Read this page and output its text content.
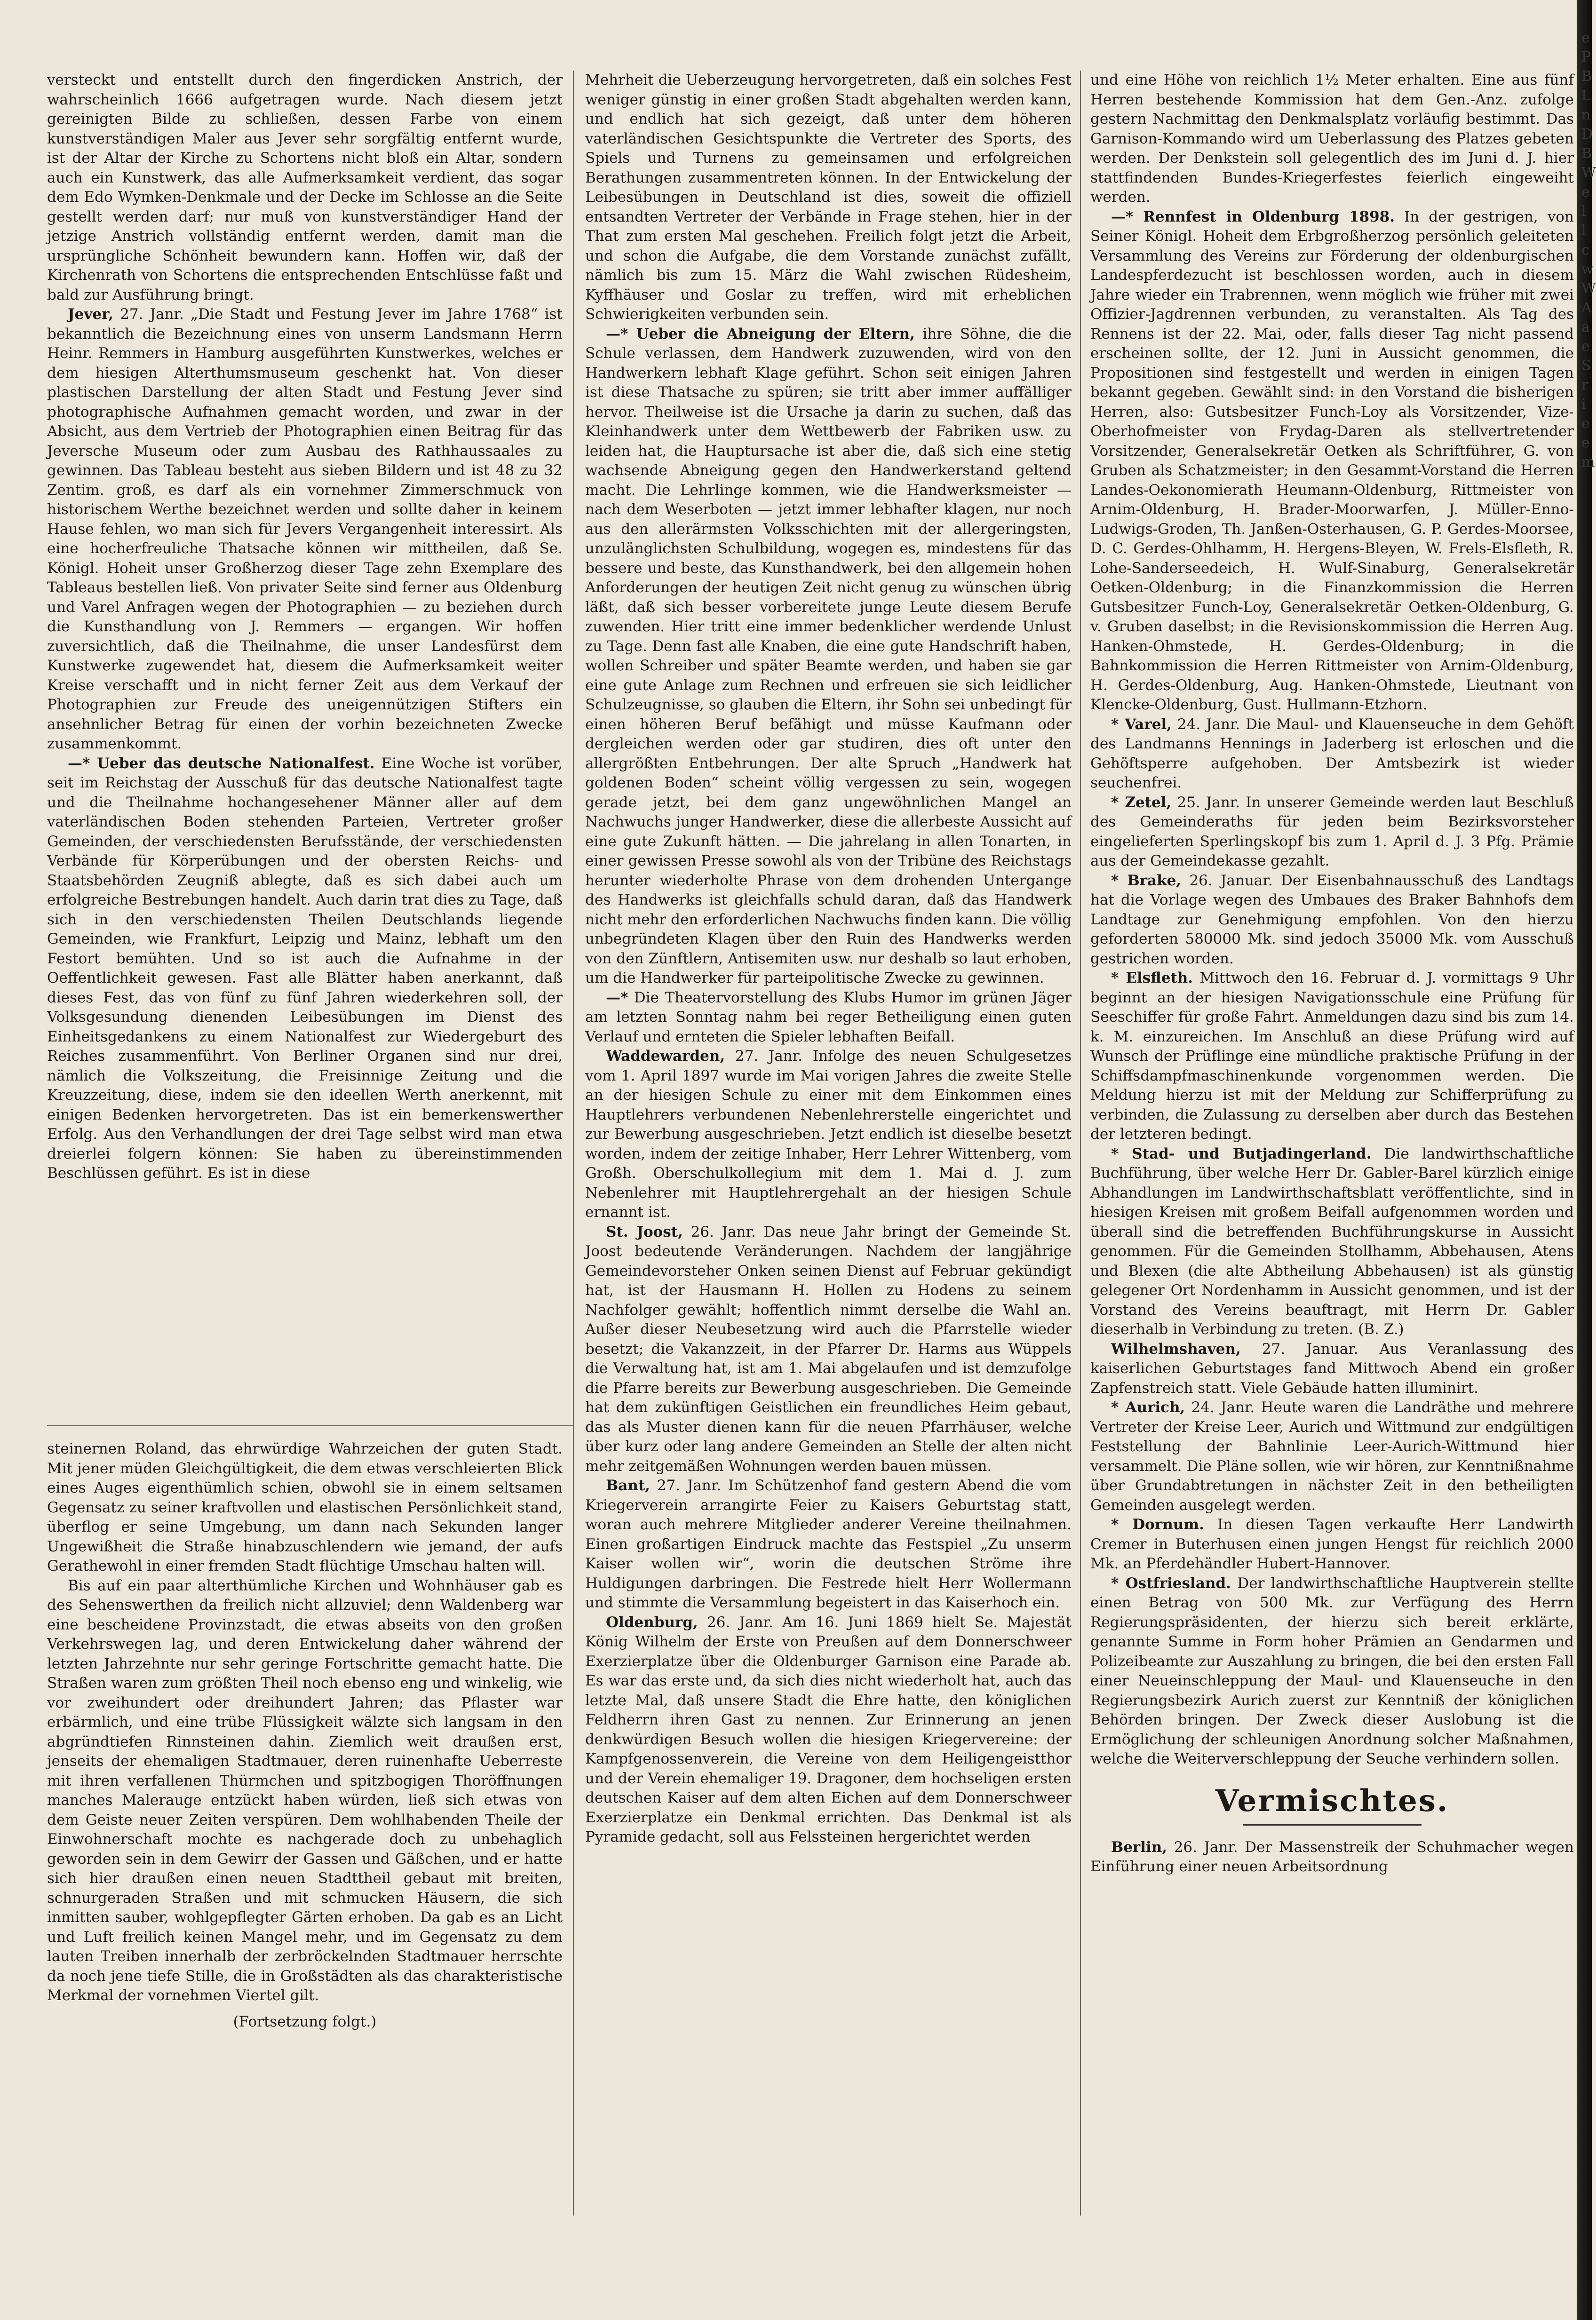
versteckt und entstellt durch den fingerdicken Anstrich, der wahrscheinlich 1666 aufgetragen wurde. Nach diesem jetzt gereinigten Bilde zu schließen, dessen Farbe von einem kunstverständigen Maler aus Jever sehr sorgfältig entfernt wurde, ist der Altar der Kirche zu Schortens nicht bloß ein Altar, sondern auch ein Kunstwerk, das alle Aufmerksamkeit verdient, das sogar dem Edo Wymken-Denkmale und der Decke im Schlosse an die Seite gestellt werden darf; nur muß von kunstverständiger Hand der jetzige Anstrich vollständig entfernt werden, damit man die ursprüngliche Schönheit bewundern kann. Hoffen wir, daß der Kirchenrath von Schortens die entsprechenden Entschlüsse faßt und bald zur Ausführung bringt.

Jever, 27. Janr. „Die Stadt und Festung Jever im Jahre 1768“ ist bekanntlich die Bezeichnung eines von unserm Landsmann Herrn Heinr. Remmers in Hamburg ausgeführten Kunstwerkes, welches er dem hiesigen Alterthumsmuseum geschenkt hat. Von dieser plastischen Darstellung der alten Stadt und Festung Jever sind photographische Aufnahmen gemacht worden, und zwar in der Absicht, aus dem Vertrieb der Photographien einen Beitrag für das Jeversche Museum oder zum Ausbau des Rathhaussaales zu gewinnen. Das Tableau besteht aus sieben Bildern und ist 48 zu 32 Zentim. groß, es darf als ein vornehmer Zimmerschmuck von historischem Werthe bezeichnet werden und sollte daher in keinem Hause fehlen, wo man sich für Jevers Vergangenheit interessirt. Als eine hocherfreuliche Thatsache können wir mittheilen, daß Se. Königl. Hoheit unser Großherzog dieser Tage zehn Exemplare des Tableaus bestellen ließ. Von privater Seite sind ferner aus Oldenburg und Varel Anfragen wegen der Photographien — zu beziehen durch die Kunsthandlung von J. Remmers — ergangen. Wir hoffen zuversichtlich, daß die Theilnahme, die unser Landesfürst dem Kunstwerke zugewendet hat, diesem die Aufmerksamkeit weiter Kreise verschafft und in nicht ferner Zeit aus dem Verkauf der Photographien zur Freude des uneigennützigen Stifters ein ansehnlicher Betrag für einen der vorhin bezeichneten Zwecke zusammenkommt.

—* Ueber das deutsche Nationalfest. Eine Woche ist vorüber, seit im Reichstag der Ausschuß für das deutsche Nationalfest tagte und die Theilnahme hochangesehener Männer aller auf dem vaterländischen Boden stehenden Parteien, Vertreter großer Gemeinden, der verschiedensten Berufsstände, der verschiedensten Verbände für Körperübungen und der obersten Reichs- und Staatsbehörden Zeugniß ablegte, daß es sich dabei auch um erfolgreiche Bestrebungen handelt. Auch darin trat dies zu Tage, daß sich in den verschiedensten Theilen Deutschlands liegende Gemeinden, wie Frankfurt, Leipzig und Mainz, lebhaft um den Festort bemühten. Und so ist auch die Aufnahme in der Oeffentlichkeit gewesen. Fast alle Blätter haben anerkannt, daß dieses Fest, das von fünf zu fünf Jahren wiederkehren soll, der Volksgesundung dienenden Leibesübungen im Dienst des Einheitsgedankens zu einem Nationalfest zur Wiedergeburt des Reiches zusammenführt. Von Berliner Organen sind nur drei, nämlich die Volkszeitung, die Freisinnige Zeitung und die Kreuzzeitung, diese, indem sie den ideellen Werth anerkennt, mit einigen Bedenken hervorgetreten. Das ist ein bemerkenswerther Erfolg. Aus den Verhandlungen der drei Tage selbst wird man etwa dreierlei folgern können: Sie haben zu übereinstimmenden Beschlüssen geführt. Es ist in diese

Mehrheit die Ueberzeugung hervorgetreten, daß ein solches Fest weniger günstig in einer großen Stadt abgehalten werden kann, und endlich hat sich gezeigt, daß unter dem höheren vaterländischen Gesichtspunkte die Vertreter des Sports, des Spiels und Turnens zu gemeinsamen und erfolgreichen Berathungen zusammentreten können. In der Entwickelung der Leibesübungen in Deutschland ist dies, soweit die offiziell entsandten Vertreter der Verbände in Frage stehen, hier in der That zum ersten Mal geschehen. Freilich folgt jetzt die Arbeit, und schon die Aufgabe, die dem Vorstande zunächst zufällt, nämlich bis zum 15. März die Wahl zwischen Rüdesheim, Kyffhäuser und Goslar zu treffen, wird mit erheblichen Schwierigkeiten verbunden sein.

—* Ueber die Abneigung der Eltern, ihre Söhne, die die Schule verlassen, dem Handwerk zuzuwenden, wird von den Handwerkern lebhaft Klage geführt. Schon seit einigen Jahren ist diese Thatsache zu spüren; sie tritt aber immer auffälliger hervor. Theilweise ist die Ursache ja darin zu suchen, daß das Kleinhandwerk unter dem Wettbewerb der Fabriken usw. zu leiden hat, die Hauptursache ist aber die, daß sich eine stetig wachsende Abneigung gegen den Handwerkerstand geltend macht. Die Lehrlinge kommen, wie die Handwerksmeister — nach dem Weserboten — jetzt immer lebhafter klagen, nur noch aus den allerärmsten Volksschichten mit der allergeringsten, unzulänglichsten Schulbildung, wogegen es, mindestens für das bessere und beste, das Kunsthandwerk, bei den allgemein hohen Anforderungen der heutigen Zeit nicht genug zu wünschen übrig läßt, daß sich besser vorbereitete junge Leute diesem Berufe zuwenden. Hier tritt eine immer bedenklicher werdende Unlust zu Tage. Denn fast alle Knaben, die eine gute Handschrift haben, wollen Schreiber und später Beamte werden, und haben sie gar eine gute Anlage zum Rechnen und erfreuen sie sich leidlicher Schulzeugnisse, so glauben die Eltern, ihr Sohn sei unbedingt für einen höheren Beruf befähigt und müsse Kaufmann oder dergleichen werden oder gar studiren, dies oft unter den allergrößten Entbehrungen. Der alte Spruch „Handwerk hat goldenen Boden“ scheint völlig vergessen zu sein, wogegen gerade jetzt, bei dem ganz ungewöhnlichen Mangel an Nachwuchs junger Handwerker, diese die allerbeste Aussicht auf eine gute Zukunft hätten. — Die jahrelang in allen Tonarten, in einer gewissen Presse sowohl als von der Tribüne des Reichstags herunter wiederholte Phrase von dem drohenden Untergange des Handwerks ist gleichfalls schuld daran, daß das Handwerk nicht mehr den erforderlichen Nachwuchs finden kann. Die völlig unbegründeten Klagen über den Ruin des Handwerks werden von den Zünftlern, Antisemiten usw. nur deshalb so laut erhoben, um die Handwerker für parteipolitische Zwecke zu gewinnen.

—* Die Theatervorstellung des Klubs Humor im grünen Jäger am letzten Sonntag nahm bei reger Betheiligung einen guten Verlauf und ernteten die Spieler lebhaften Beifall.

Waddewarden, 27. Janr. Infolge des neuen Schulgesetzes vom 1. April 1897 wurde im Mai vorigen Jahres die zweite Stelle an der hiesigen Schule zu einer mit dem Einkommen eines Hauptlehrers verbundenen Nebenlehrerstelle eingerichtet und zur Bewerbung ausgeschrieben. Jetzt endlich ist dieselbe besetzt worden, indem der zeitige Inhaber, Herr Lehrer Wittenberg, vom Großh. Oberschulkollegium mit dem 1. Mai d. J. zum Nebenlehrer mit Hauptlehrergehalt an der hiesigen Schule ernannt ist.

St. Joost, 26. Janr. Das neue Jahr bringt der Gemeinde St. Joost bedeutende Veränderungen. Nachdem der langjährige Gemeindevorsteher Onken seinen Dienst auf Februar gekündigt hat, ist der Hausmann H. Hollen zu Hodens zu seinem Nachfolger gewählt; hoffentlich nimmt derselbe die Wahl an. Außer dieser Neubesetzung wird auch die Pfarrstelle wieder besetzt; die Vakanzzeit, in der Pfarrer Dr. Harms aus Wüppels die Verwaltung hat, ist am 1. Mai abgelaufen und ist demzufolge die Pfarre bereits zur Bewerbung ausgeschrieben. Die Gemeinde hat dem zukünftigen Geistlichen ein freundliches Heim gebaut, das als Muster dienen kann für die neuen Pfarrhäuser, welche über kurz oder lang andere Gemeinden an Stelle der alten nicht mehr zeitgemäßen Wohnungen werden bauen müssen.

Bant, 27. Janr. Im Schützenhof fand gestern Abend die vom Kriegerverein arrangirte Feier zu Kaisers Geburtstag statt, woran auch mehrere Mitglieder anderer Vereine theilnahmen. Einen großartigen Eindruck machte das Festspiel „Zu unserm Kaiser wollen wir“, worin die deutschen Ströme ihre Huldigungen darbringen. Die Festrede hielt Herr Wollermann und stimmte die Versammlung begeistert in das Kaiserhoch ein.

Oldenburg, 26. Janr. Am 16. Juni 1869 hielt Se. Majestät König Wilhelm der Erste von Preußen auf dem Donnerschweer Exerzierplatze über die Oldenburger Garnison eine Parade ab. Es war das erste und, da sich dies nicht wiederholt hat, auch das letzte Mal, daß unsere Stadt die Ehre hatte, den königlichen Feldherrn ihren Gast zu nennen. Zur Erinnerung an jenen denkwürdigen Besuch wollen die hiesigen Kriegervereine: der Kampfgenossenverein, die Vereine von dem Heiligengeistthor und der Verein ehemaliger 19. Dragoner, dem hochseligen ersten deutschen Kaiser auf dem alten Eichen auf dem Donnerschweer Exerzierplatze ein Denkmal errichten. Das Denkmal ist als Pyramide gedacht, soll aus Felssteinen hergerichtet werden

und eine Höhe von reichlich 1½ Meter erhalten. Eine aus fünf Herren bestehende Kommission hat dem Gen.-Anz. zufolge gestern Nachmittag den Denkmalsplatz vorläufig bestimmt. Das Garnison-Kommando wird um Ueberlassung des Platzes gebeten werden. Der Denkstein soll gelegentlich des im Juni d. J. hier stattfindenden Bundes-Kriegerfestes feierlich eingeweiht werden.

—* Rennfest in Oldenburg 1898. In der gestrigen, von Seiner Königl. Hoheit dem Erbgroßherzog persönlich geleiteten Versammlung des Vereins zur Förderung der oldenburgischen Landespferdezucht ist beschlossen worden, auch in diesem Jahre wieder ein Trabrennen, wenn möglich wie früher mit zwei Offizier-Jagdrennen verbunden, zu veranstalten. Als Tag des Rennens ist der 22. Mai, oder, falls dieser Tag nicht passend erscheinen sollte, der 12. Juni in Aussicht genommen, die Propositionen sind festgestellt und werden in einigen Tagen bekannt gegeben. Gewählt sind: in den Vorstand die bisherigen Herren, also: Gutsbesitzer Funch-Loy als Vorsitzender, Vize-Oberhofmeister von Frydag-Daren als stellvertretender Vorsitzender, Generalsekretär Oetken als Schriftführer, G. von Gruben als Schatzmeister; in den Gesammt-Vorstand die Herren Landes-Oekonomierath Heumann-Oldenburg, Rittmeister von Arnim-Oldenburg, H. Brader-Moorwarfen, J. Müller-Enno-Ludwigs-Groden, Th. Janßen-Osterhausen, G. P. Gerdes-Moorsee, D. C. Gerdes-Ohlhamm, H. Hergens-Bleyen, W. Frels-Elsfleth, R. Lohe-Sanderseedeich, H. Wulf-Sinaburg, Generalsekretär Oetken-Oldenburg; in die Finanzkommission die Herren Gutsbesitzer Funch-Loy, Generalsekretär Oetken-Oldenburg, G. v. Gruben daselbst; in die Revisionskommission die Herren Aug. Hanken-Ohmstede, H. Gerdes-Oldenburg; in die Bahnkommission die Herren Rittmeister von Arnim-Oldenburg, H. Gerdes-Oldenburg, Aug. Hanken-Ohmstede, Lieutnant von Klencke-Oldenburg, Gust. Hullmann-Etzhorn.

* Varel, 24. Janr. Die Maul- und Klauenseuche in dem Gehöft des Landmanns Hennings in Jaderberg ist erloschen und die Gehöftsperre aufgehoben. Der Amtsbezirk ist wieder seuchenfrei.

* Zetel, 25. Janr. In unserer Gemeinde werden laut Beschluß des Gemeinderaths für jeden beim Bezirksvorsteher eingelieferten Sperlingskopf bis zum 1. April d. J. 3 Pfg. Prämie aus der Gemeindekasse gezahlt.

* Brake, 26. Januar. Der Eisenbahnausschuß des Landtags hat die Vorlage wegen des Umbaues des Braker Bahnhofs dem Landtage zur Genehmigung empfohlen. Von den hierzu geforderten 580000 Mk. sind jedoch 35000 Mk. vom Ausschuß gestrichen worden.

* Elsfleth. Mittwoch den 16. Februar d. J. vormittags 9 Uhr beginnt an der hiesigen Navigationsschule eine Prüfung für Seeschiffer für große Fahrt. Anmeldungen dazu sind bis zum 14. k. M. einzureichen. Im Anschluß an diese Prüfung wird auf Wunsch der Prüflinge eine mündliche praktische Prüfung in der Schiffsdampfmaschinenkunde vorgenommen werden. Die Meldung hierzu ist mit der Meldung zur Schifferprüfung zu verbinden, die Zulassung zu derselben aber durch das Bestehen der letzteren bedingt.

* Stad- und Butjadingerland. Die landwirthschaftliche Buchführung, über welche Herr Dr. Gabler-Barel kürzlich einige Abhandlungen im Landwirthschaftsblatt veröffentlichte, sind in hiesigen Kreisen mit großem Beifall aufgenommen worden und überall sind die betreffenden Buchführungskurse in Aussicht genommen. Für die Gemeinden Stollhamm, Abbehausen, Atens und Blexen (die alte Abtheilung Abbehausen) ist als günstig gelegener Ort Nordenhamm in Aussicht genommen, und ist der Vorstand des Vereins beauftragt, mit Herrn Dr. Gabler dieserhalb in Verbindung zu treten. (B. Z.)

Wilhelmshaven, 27. Januar. Aus Veranlassung des kaiserlichen Geburtstages fand Mittwoch Abend ein großer Zapfenstreich statt. Viele Gebäude hatten illuminirt.

* Aurich, 24. Janr. Heute waren die Landräthe und mehrere Vertreter der Kreise Leer, Aurich und Wittmund zur endgültigen Feststellung der Bahnlinie Leer-Aurich-Wittmund hier versammelt. Die Pläne sollen, wie wir hören, zur Kenntnißnahme über Grundabtretungen in nächster Zeit in den betheiligten Gemeinden ausgelegt werden.

* Dornum. In diesen Tagen verkaufte Herr Landwirth Cremer in Buterhusen einen jungen Hengst für reichlich 2000 Mk. an Pferdehändler Hubert-Hannover.

* Ostfriesland. Der landwirthschaftliche Hauptverein stellte einen Betrag von 500 Mk. zur Verfügung des Herrn Regierungspräsidenten, der hierzu sich bereit erklärte, genannte Summe in Form hoher Prämien an Gendarmen und Polizeibeamte zur Auszahlung zu bringen, die bei den ersten Fall einer Neueinschleppung der Maul- und Klauenseuche in den Regierungsbezirk Aurich zuerst zur Kenntniß der königlichen Behörden bringen. Der Zweck dieser Auslobung ist die Ermöglichung der schleunigen Anordnung solcher Maßnahmen, welche die Weiterverschleppung der Seuche verhindern sollen.

Vermischtes.

Berlin, 26. Janr. Der Massenstreik der Schuhmacher wegen Einführung einer neuen Arbeitsordnung

steinernen Roland, das ehrwürdige Wahrzeichen der guten Stadt. Mit jener müden Gleichgültigkeit, die dem etwas verschleierten Blick eines Auges eigenthümlich schien, obwohl sie in einem seltsamen Gegensatz zu seiner kraftvollen und elastischen Persönlichkeit stand, überflog er seine Umgebung, um dann nach Sekunden langer Ungewißheit die Straße hinabzuschlendern wie jemand, der aufs Gerathewohl in einer fremden Stadt flüchtige Umschau halten will.

Bis auf ein paar alterthümliche Kirchen und Wohnhäuser gab es des Sehenswerthen da freilich nicht allzuviel; denn Waldenberg war eine bescheidene Provinzstadt, die etwas abseits von den großen Verkehrswegen lag, und deren Entwickelung daher während der letzten Jahrzehnte nur sehr geringe Fortschritte gemacht hatte. Die Straßen waren zum größten Theil noch ebenso eng und winkelig, wie vor zweihundert oder dreihundert Jahren; das Pflaster war erbärmlich, und eine trübe Flüssigkeit wälzte sich langsam in den abgründtiefen Rinnsteinen dahin. Ziemlich weit draußen erst, jenseits der ehemaligen Stadtmauer, deren ruinenhafte Ueberreste mit ihren verfallenen Thürmchen und spitzbogigen Thoröffnungen manches Malerauge entzückt haben würden, ließ sich etwas von dem Geiste neuer Zeiten verspüren. Dem wohlhabenden Theile der Einwohnerschaft mochte es nachgerade doch zu unbehaglich geworden sein in dem Gewirr der Gassen und Gäßchen, und er hatte sich hier draußen einen neuen Stadttheil gebaut mit breiten, schnurgeraden Straßen und mit schmucken Häusern, die sich inmitten sauber, wohlgepflegter Gärten erhoben. Da gab es an Licht und Luft freilich keinen Mangel mehr, und im Gegensatz zu dem lauten Treiben innerhalb der zerbröckelnden Stadtmauer herrschte da noch jene tiefe Stille, die in Großstädten als das charakteristische Merkmal der vornehmen Viertel gilt.

(Fortsetzung folgt.)
e P B L n D B W e l l c w W A a e S r i e e m
